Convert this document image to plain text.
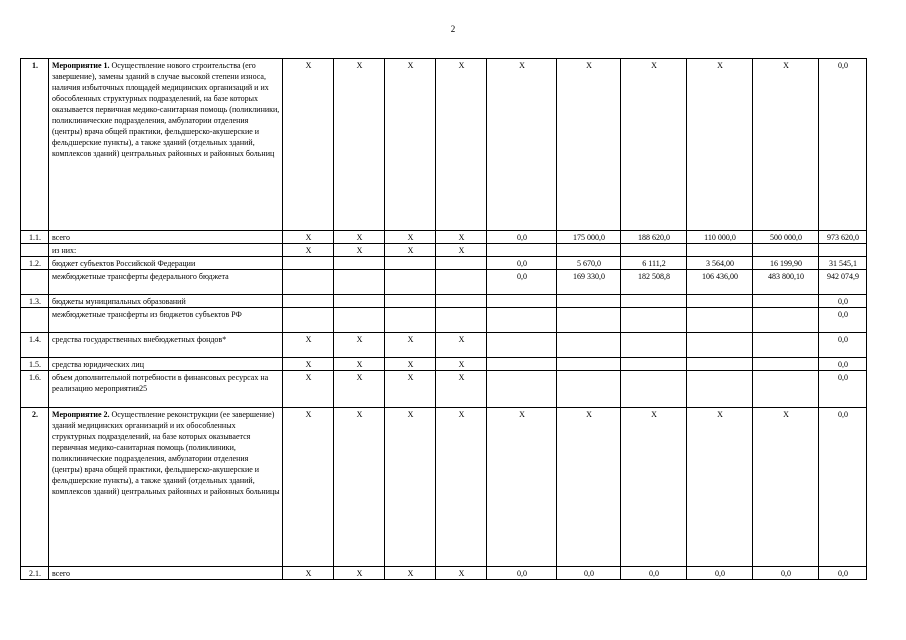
2
1.	Мероприятие 1. Осуществление нового строительства (его завершение), замены зданий в случае высокой степени износа, наличия избыточных площадей медицинских организаций и их обособленных структурных подразделений, на базе которых оказывается первичная медико-санитарная помощь (поликлиники, поликлинические подразделения, амбулатории отделения (центры) врача общей практики, фельдшерско-акушерские и фельдшерские пункты), а также зданий (отдельных зданий, комплексов зданий) центральных районных и районных больниц	X	X	X	X	X	X	X	X	X	0,0
1.1.	всего	X	X	X	X	0,0	175 000,0	188 620,0	110 000,0	500 000,0	973 620,0
	из них:	X	X	X	X						
1.2.	бюджет субъектов Российской Федерации					0,0	5 670,0	6 111,2	3 564,00	16 199,90	31 545,1
	межбюджетные трансферты федерального бюджета					0,0	169 330,0	182 508,8	106 436,00	483 800,10	942 074,9
1.3.	бюджеты муниципальных образований										0,0
	межбюджетные трансферты из бюджетов субъектов РФ										0,0
1.4.	средства государственных внебюджетных фондов*	X	X	X	X						0,0
1.5.	средства юридических лиц	X	X	X	X						0,0
1.6.	объем дополнительной потребности в финансовых ресурсах на реализацию мероприятия25	X	X	X	X						0,0
2.	Мероприятие 2. Осуществление реконструкции (ее завершение) зданий медицинских организаций и их обособленных структурных подразделений, на базе которых оказывается первичная медико-санитарная помощь (поликлиники, поликлинические подразделения, амбулатории отделения (центры) врача общей практики, фельдшерско-акушерские и фельдшерские пункты), а также зданий (отдельных зданий, комплексов зданий) центральных районных и районных больницы	X	X	X	X	X	X	X	X	X	0,0
2.1.	всего	X	X	X	X	0,0	0,0	0,0	0,0	0,0	0,0
